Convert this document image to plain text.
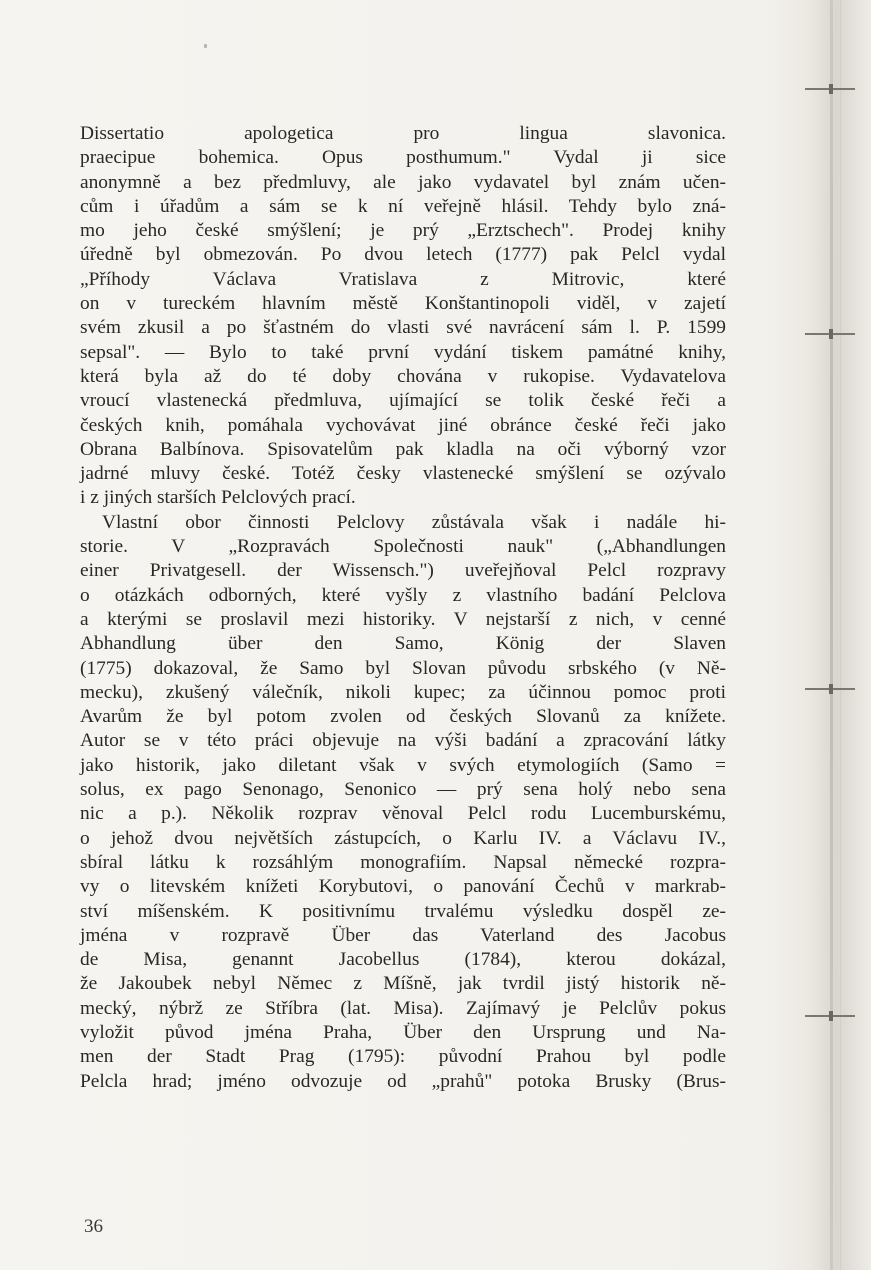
Dissertatio apologetica pro lingua slavonica.
praecipue bohemica. Opus posthumum." Vydal ji sice
anonymně a bez předmluvy, ale jako vydavatel byl znám učen-
cům i úřadům a sám se k ní veřejně hlásil. Tehdy bylo zná-
mo jeho české smýšlení; je prý „Erztschech". Prodej knihy
úředně byl obmezován. Po dvou letech (1777) pak Pelcl vydal
„Příhody Václava Vratislava z Mitrovic, které
on v tureckém hlavním městě Konštantinopoli viděl, v zajetí
svém zkusil a po šťastném do vlasti své navrácení sám l. P. 1599
sepsal". — Bylo to také první vydání tiskem památné knihy,
která byla až do té doby chována v rukopise. Vydavatelova
vroucí vlastenecká předmluva, ujímající se tolik české řeči a
českých knih, pomáhala vychovávat jiné obránce české řeči jako
Obrana Balbínova. Spisovatelům pak kladla na oči výborný vzor
jadrné mluvy české. Totéž česky vlastenecké smýšlení se ozývalo
i z jiných starších Pelclových prací.
Vlastní obor činnosti Pelclovy zůstávala však i nadále hi-
storie. V „Rozpravách Společnosti nauk" („Abhandlungen
einer Privatgesell. der Wissensch.") uveřejňoval Pelcl rozpravy
o otázkách odborných, které vyšly z vlastního badání Pelclova
a kterými se proslavil mezi historiky. V nejstarší z nich, v cenné
Abhandlung über den Samo, König der Slaven
(1775) dokazoval, že Samo byl Slovan původu srbského (v Ně-
mecku), zkušený válečník, nikoli kupec; za účinnou pomoc proti
Avarům že byl potom zvolen od českých Slovanů za knížete.
Autor se v této práci objevuje na výši badání a zpracování látky
jako historik, jako diletant však v svých etymologiích (Samo =
solus, ex pago Senonago, Senonico — prý sena holý nebo sena
nic a p.). Několik rozprav věnoval Pelcl rodu Lucemburskému,
o jehož dvou největších zástupcích, o Karlu IV. a Václavu IV.,
sbíral látku k rozsáhlým monografiím. Napsal německé rozpra-
vy o litevském knížeti Korybutovi, o panování Čechů v markrab-
ství míšenském. K positivnímu trvalému výsledku dospěl ze-
jména v rozpravě Über das Vaterland des Jacobus
de Misa, genannt Jacobellus (1784), kterou dokázal,
že Jakoubek nebyl Němec z Míšně, jak tvrdil jistý historik ně-
mecký, nýbrž ze Stříbra (lat. Misa). Zajímavý je Pelclův pokus
vyložit původ jména Praha, Über den Ursprung und Na-
men der Stadt Prag (1795): původní Prahou byl podle
Pelcla hrad; jméno odvozuje od „prahů" potoka Brusky (Brus-
36
